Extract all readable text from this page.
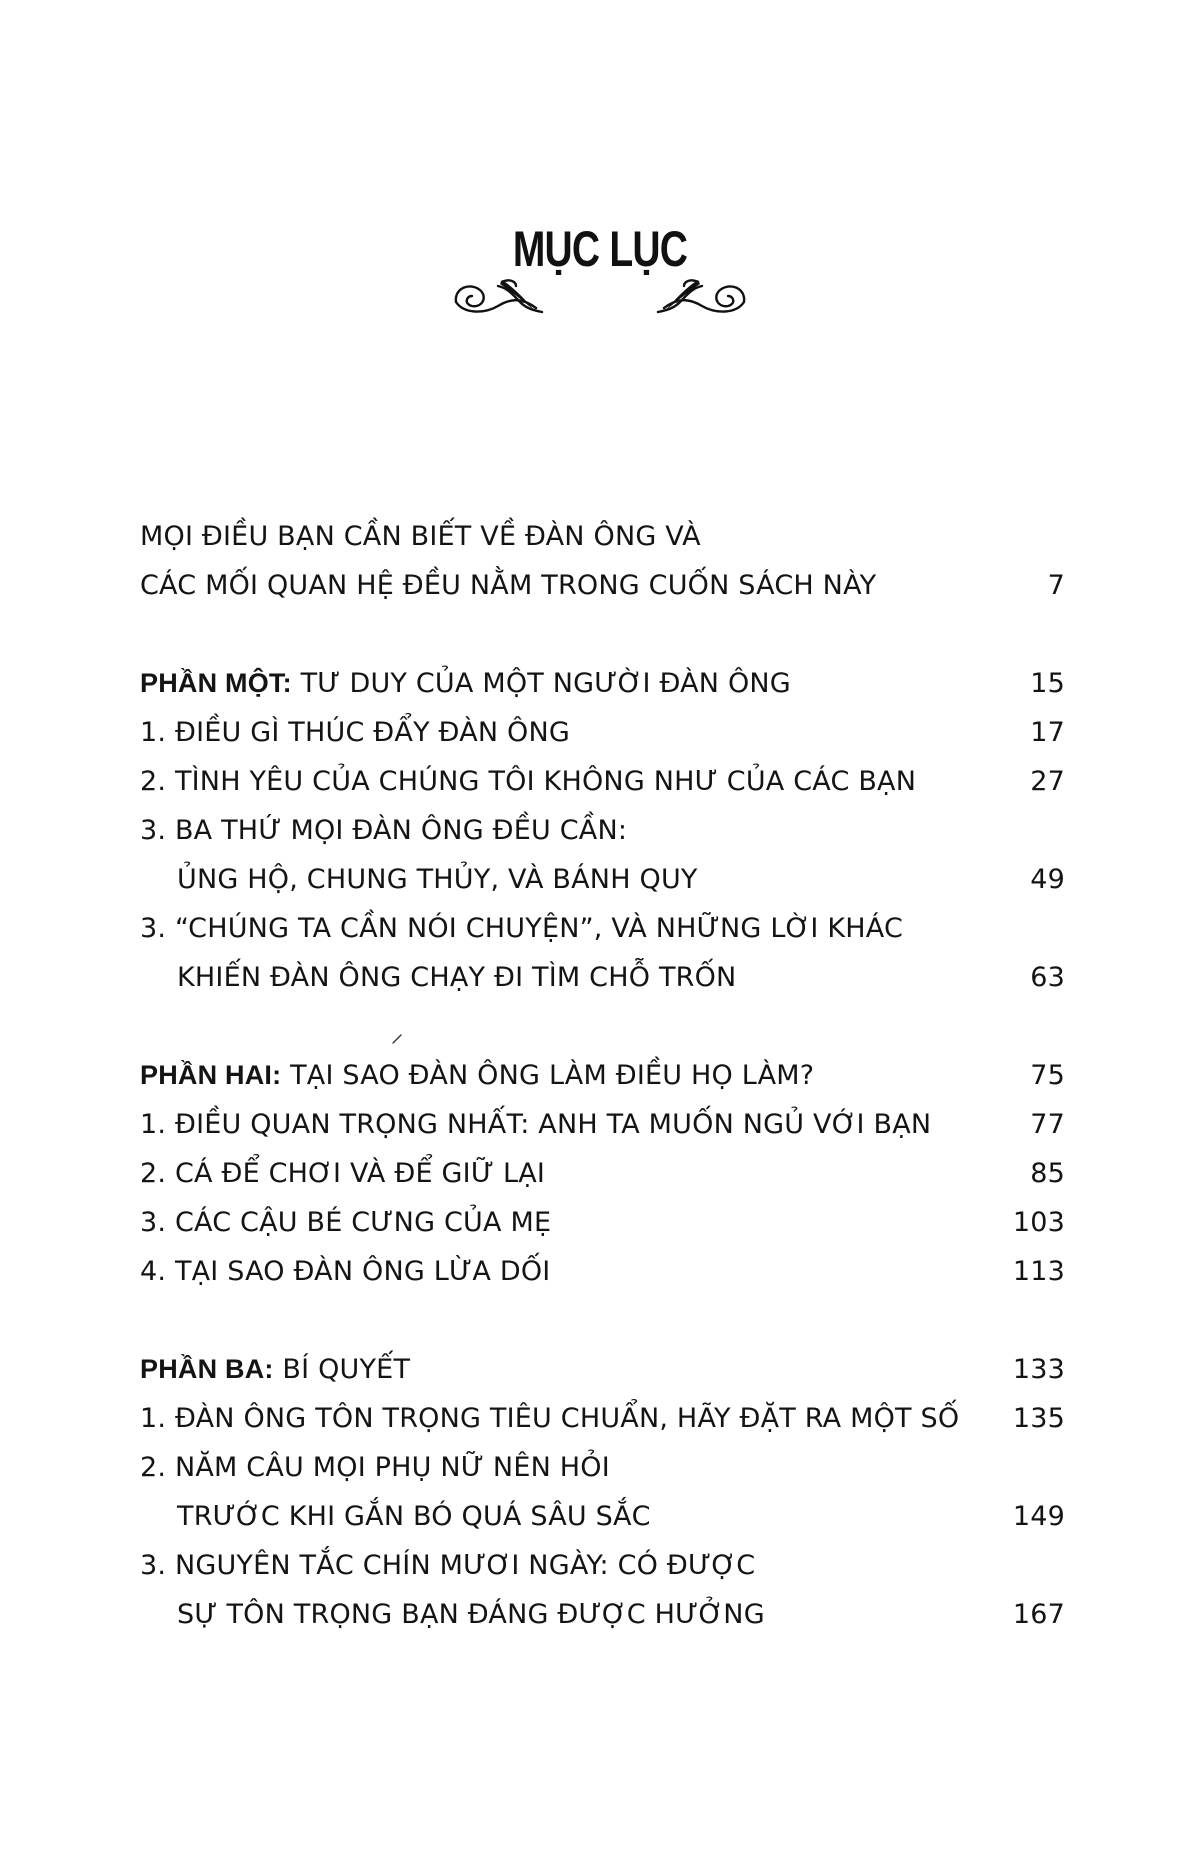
MỤC LỤC
MỌI ĐIỀU BẠN CẦN BIẾT VỀ ĐÀN ÔNG VÀ
CÁC MỐI QUAN HỆ ĐỀU NẰM TRONG CUỐN SÁCH NÀY	7
PHẦN MỘT: TƯ DUY CỦA MỘT NGƯỜI ĐÀN ÔNG	15
1. ĐIỀU GÌ THÚC ĐẨY ĐÀN ÔNG	17
2. TÌNH YÊU CỦA CHÚNG TÔI KHÔNG NHƯ CỦA CÁC BẠN	27
3. BA THỨ MỌI ĐÀN ÔNG ĐỀU CẦN:
ỦNG HỘ, CHUNG THỦY, VÀ BÁNH QUY	49
3. “CHÚNG TA CẦN NÓI CHUYỆN”, VÀ NHỮNG LỜI KHÁC
KHIẾN ĐÀN ÔNG CHẠY ĐI TÌM CHỖ TRỐN	63
PHẦN HAI: TẠI SAO ĐÀN ÔNG LÀM ĐIỀU HỌ LÀM?	75
1. ĐIỀU QUAN TRỌNG NHẤT: ANH TA MUỐN NGỦ VỚI BẠN	77
2. CÁ ĐỂ CHƠI VÀ ĐỂ GIỮ LẠI	85
3. CÁC CẬU BÉ CƯNG CỦA MẸ	103
4. TẠI SAO ĐÀN ÔNG LỪA DỐI	113
PHẦN BA: BÍ QUYẾT	133
1. ĐÀN ÔNG TÔN TRỌNG TIÊU CHUẨN, HÃY ĐẶT RA MỘT SỐ 135
2. NĂM CÂU MỌI PHỤ NỮ NÊN HỎI
TRƯỚC KHI GẮN BÓ QUÁ SÂU SẮC	149
3. NGUYÊN TẮC CHÍN MƯƠI NGÀY: CÓ ĐƯỢC
SỰ TÔN TRỌNG BẠN ĐÁNG ĐƯỢC HƯỞNG	167
